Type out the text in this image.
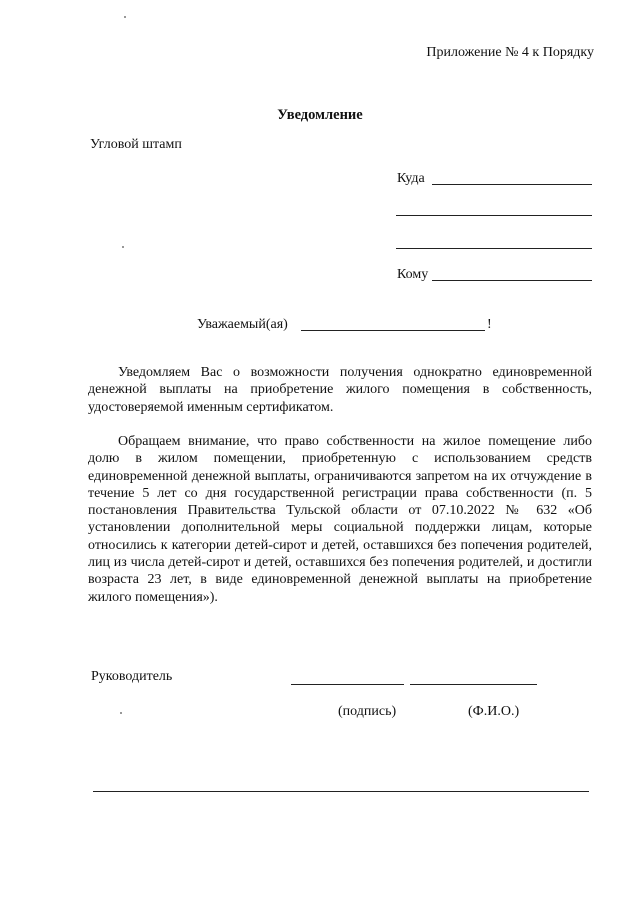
Приложение № 4 к Порядку
Уведомление
Угловой штамп
Куда
Кому
Уважаемый(ая)	!
Уведомляем Вас о возможности получения однократно единовременной денежной выплаты на приобретение жилого помещения в собственность, удостоверяемой именным сертификатом.
Обращаем внимание, что право собственности на жилое помещение либо долю в жилом помещении, приобретенную с использованием средств единовременной денежной выплаты, ограничиваются запретом на их отчуждение в течение 5 лет со дня государственной регистрации права собственности (п. 5 постановления Правительства Тульской области от 07.10.2022 № 632 «Об установлении дополнительной меры социальной поддержки лицам, которые относились к категории детей-сирот и детей, оставшихся без попечения родителей, лиц из числа детей-сирот и детей, оставшихся без попечения родителей, и достигли возраста 23 лет, в виде единовременной денежной выплаты на приобретение жилого помещения»).
Руководитель
(подпись)	(Ф.И.О.)
